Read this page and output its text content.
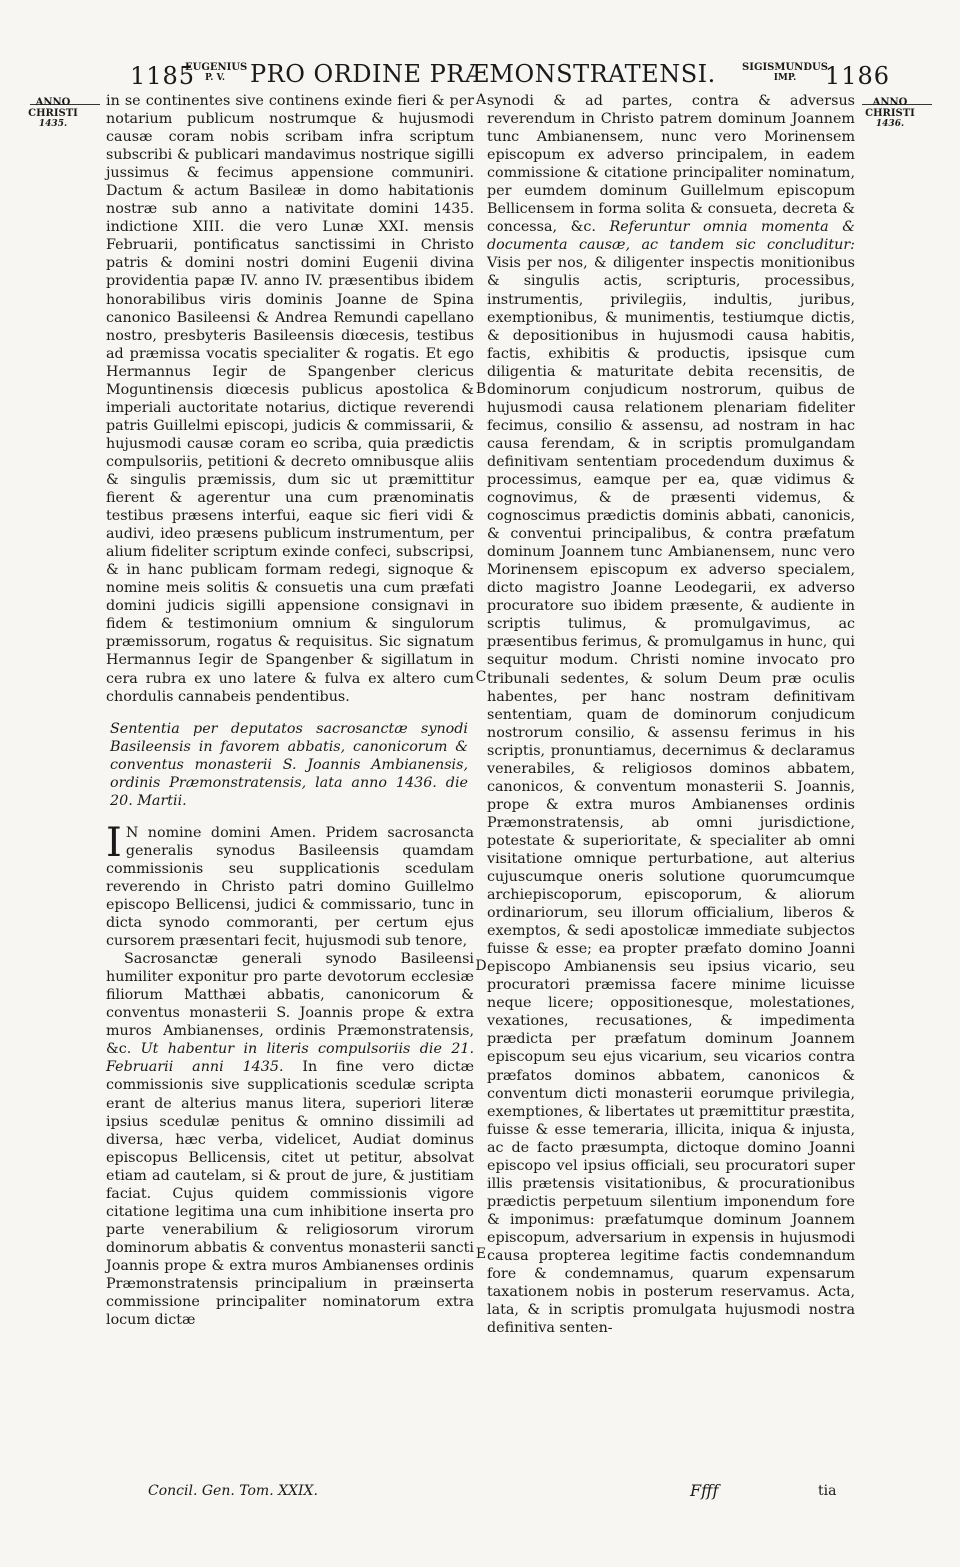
1185
EUGENIUS
P. V.	PRO ORDINE PRÆMONSTRATENSI.	SIGISMUNDUS
IMP.	1186
ANNO
CHRISTI
1435.
ANNO
CHRISTI
1436.
A
B
C
D
E

in se continentes sive continens exinde fieri & per notarium publicum nostrumque & hujusmodi causæ coram nobis scribam infra scriptum subscribi & publicari mandavimus nostrique sigilli jussimus & fecimus appensione communiri. Dactum & actum Basileæ in domo habitationis nostræ sub anno a nativitate domini 1435. indictione XIII. die vero Lunæ XXI. mensis Februarii, pontificatus sanctissimi in Christo patris & domini nostri domini Eugenii divina providentia papæ IV. anno IV. præsentibus ibidem honorabilibus viris dominis Joanne de Spina canonico Basileensi & Andrea Remundi capellano nostro, presbyteris Basileensis diœcesis, testibus ad præmissa vocatis specialiter & rogatis. Et ego Hermannus Iegir de Spangenber clericus Moguntinensis diœcesis publicus apostolica & imperiali auctoritate notarius, dictique reverendi patris Guillelmi episcopi, judicis & commissarii, & hujusmodi causæ coram eo scriba, quia prædictis compulsoriis, petitioni & decreto omnibusque aliis & singulis præmissis, dum sic ut præmittitur fierent & agerentur una cum prænominatis testibus præsens interfui, eaque sic fieri vidi & audivi, ideo præsens publicum instrumentum, per alium fideliter scriptum exinde confeci, subscripsi, & in hanc publicam formam redegi, signoque & nomine meis solitis & consuetis una cum præfati domini judicis sigilli appensione consignavi in fidem & testimonium omnium & singulorum præmissorum, rogatus & requisitus. Sic signatum Hermannus Iegir de Spangenber & sigillatum in cera rubra ex uno latere & fulva ex altero cum chordulis cannabeis pendentibus.

Sententia per deputatos sacrosanctæ synodi Basileensis in favorem abbatis, canonicorum & conventus monasterii S. Joannis Ambianensis, ordinis Præmonstratensis, lata anno 1436. die 20. Martii.

I N nomine domini Amen. Pridem sacrosancta generalis synodus Basileensis quamdam commissionis seu supplicationis scedulam reverendo in Christo patri domino Guillelmo episcopo Bellicensi, judici & commissario, tunc in dicta synodo commoranti, per certum ejus cursorem præsentari fecit, hujusmodi sub tenore,

Sacrosanctæ generali synodo Basileensi humiliter exponitur pro parte devotorum ecclesiæ filiorum Matthæi abbatis, canonicorum & conventus monasterii S. Joannis prope & extra muros Ambianenses, ordinis Præmonstratensis, &c. Ut habentur in literis compulsoriis die 21. Februarii anni 1435. In fine vero dictæ commissionis sive supplicationis scedulæ scripta erant de alterius manus litera, superiori literæ ipsius scedulæ penitus & omnino dissimili ad diversa, hæc verba, videlicet, Audiat dominus episcopus Bellicensis, citet ut petitur, absolvat etiam ad cautelam, si & prout de jure, & justitiam faciat. Cujus quidem commissionis vigore citatione legitima una cum inhibitione inserta pro parte venerabilium & religiosorum virorum dominorum abbatis & conventus monasterii sancti Joannis prope & extra muros Ambianenses ordinis Præmonstratensis principalium in præinserta commissione principaliter nominatorum extra locum dictæ

synodi & ad partes, contra & adversus reverendum in Christo patrem dominum Joannem tunc Ambianensem, nunc vero Morinensem episcopum ex adverso principalem, in eadem commissione & citatione principaliter nominatum, per eumdem dominum Guillelmum episcopum Bellicensem in forma solita & consueta, decreta & concessa, &c. Referuntur omnia momenta & documenta causæ, ac tandem sic concluditur: Visis per nos, & diligenter inspectis monitionibus & singulis actis, scripturis, processibus, instrumentis, privilegiis, indultis, juribus, exemptionibus, & munimentis, testiumque dictis, & depositionibus in hujusmodi causa habitis, factis, exhibitis & productis, ipsisque cum diligentia & maturitate debita recensitis, de dominorum conjudicum nostrorum, quibus de hujusmodi causa relationem plenariam fideliter fecimus, consilio & assensu, ad nostram in hac causa ferendam, & in scriptis promulgandam definitivam sententiam procedendum duximus & processimus, eamque per ea, quæ vidimus & cognovimus, & de præsenti videmus, & cognoscimus prædictis dominis abbati, canonicis, & conventui principalibus, & contra præfatum dominum Joannem tunc Ambianensem, nunc vero Morinensem episcopum ex adverso specialem, dicto magistro Joanne Leodegarii, ex adverso procuratore suo ibidem præsente, & audiente in scriptis tulimus, & promulgavimus, ac præsentibus ferimus, & promulgamus in hunc, qui sequitur modum. Christi nomine invocato pro tribunali sedentes, & solum Deum præ oculis habentes, per hanc nostram definitivam sententiam, quam de dominorum conjudicum nostrorum consilio, & assensu ferimus in his scriptis, pronuntiamus, decernimus & declaramus venerabiles, & religiosos dominos abbatem, canonicos, & conventum monasterii S. Joannis, prope & extra muros Ambianenses ordinis Præmonstratensis, ab omni jurisdictione, potestate & superioritate, & specialiter ab omni visitatione omnique perturbatione, aut alterius cujuscumque oneris solutione quorumcumque archiepiscoporum, episcoporum, & aliorum ordinariorum, seu illorum officialium, liberos & exemptos, & sedi apostolicæ immediate subjectos fuisse & esse; ea propter præfato domino Joanni episcopo Ambianensis seu ipsius vicario, seu procuratori præmissa facere minime licuisse neque licere; oppositionesque, molestationes, vexationes, recusationes, & impedimenta prædicta per præfatum dominum Joannem episcopum seu ejus vicarium, seu vicarios contra præfatos dominos abbatem, canonicos & conventum dicti monasterii eorumque privilegia, exemptiones, & libertates ut præmittitur præstita, fuisse & esse temeraria, illicita, iniqua & injusta, ac de facto præsumpta, dictoque domino Joanni episcopo vel ipsius officiali, seu procuratori super illis prætensis visitationibus, & procurationibus prædictis perpetuum silentium imponendum fore & imponimus: præfatumque dominum Joannem episcopum, adversarium in expensis in hujusmodi causa propterea legitime factis condemnandum fore & condemnamus, quarum expensarum taxationem nobis in posterum reservamus. Acta, lata, & in scriptis promulgata hujusmodi nostra definitiva senten-

Concil. Gen. Tom. XXIX.	Ffff	tia
